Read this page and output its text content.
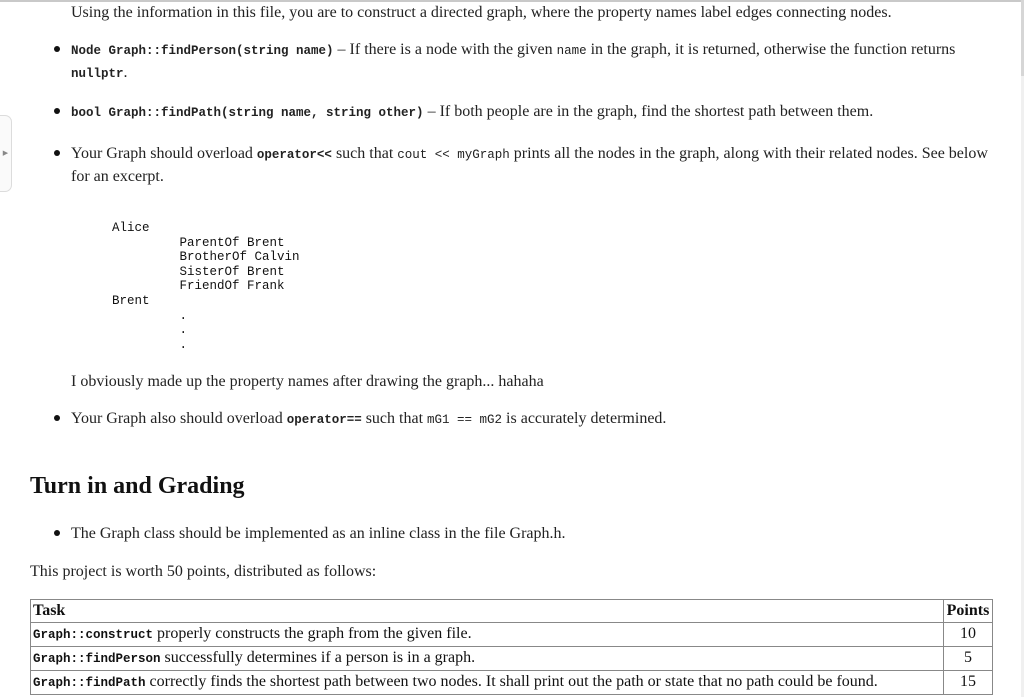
▶

Using the information in this file, you are to construct a directed graph, where the property names label edges connecting nodes.

Node Graph::findPerson(string name) – If there is a node with the given name in the graph, it is returned, otherwise the function returns nullptr.
bool Graph::findPath(string name, string other) – If both people are in the graph, find the shortest path between them.
Your Graph should overload operator<< such that cout << myGraph prints all the nodes in the graph, along with their related nodes. See below for an excerpt.
Alice
ParentOf Brent
BrotherOf Calvin
SisterOf Brent
FriendOf Frank
Brent
.
.
.

I obviously made up the property names after drawing the graph... hahaha

Your Graph also should overload operator== such that mG1 == mG2 is accurately determined.
Turn in and Grading
The Graph class should be implemented as an inline class in the file Graph.h.

This project is worth 50 points, distributed as follows:

Task	Points
Graph::construct properly constructs the graph from the given file.	10
Graph::findPerson successfully determines if a person is in a graph.	5
Graph::findPath correctly finds the shortest path between two nodes. It shall print out the path or state that no path could be found.	15
